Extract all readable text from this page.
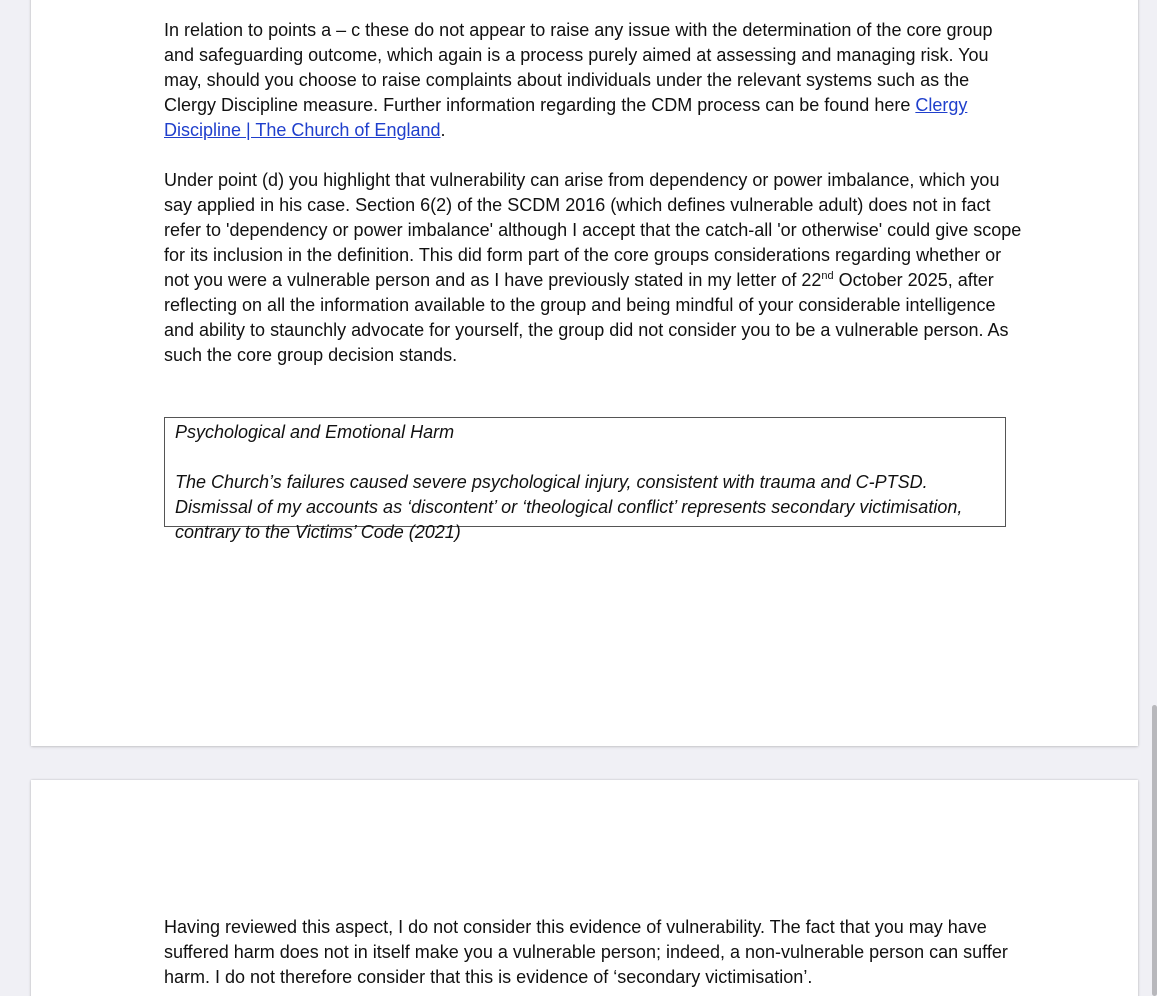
In relation to points a – c these do not appear to raise any issue with the determination of the core group and safeguarding outcome, which again is a process purely aimed at assessing and managing risk. You may, should you choose to raise complaints about individuals under the relevant systems such as the Clergy Discipline measure. Further information regarding the CDM process can be found here Clergy Discipline | The Church of England.

Under point (d) you highlight that vulnerability can arise from dependency or power imbalance, which you say applied in his case. Section 6(2) of the SCDM 2016 (which defines vulnerable adult) does not in fact refer to 'dependency or power imbalance' although I accept that the catch-all 'or otherwise' could give scope for its inclusion in the definition. This did form part of the core groups considerations regarding whether or not you were a vulnerable person and as I have previously stated in my letter of 22nd October 2025, after reflecting on all the information available to the group and being mindful of your considerable intelligence and ability to staunchly advocate for yourself, the group did not consider you to be a vulnerable person. As such the core group decision stands.

Psychological and Emotional Harm

The Church’s failures caused severe psychological injury, consistent with trauma and C-PTSD. Dismissal of my accounts as ‘discontent’ or ‘theological conflict’ represents secondary victimisation, contrary to the Victims’ Code (2021)

Having reviewed this aspect, I do not consider this evidence of vulnerability. The fact that you may have suffered harm does not in itself make you a vulnerable person; indeed, a non-vulnerable person can suffer harm. I do not therefore consider that this is evidence of ‘secondary victimisation’.
